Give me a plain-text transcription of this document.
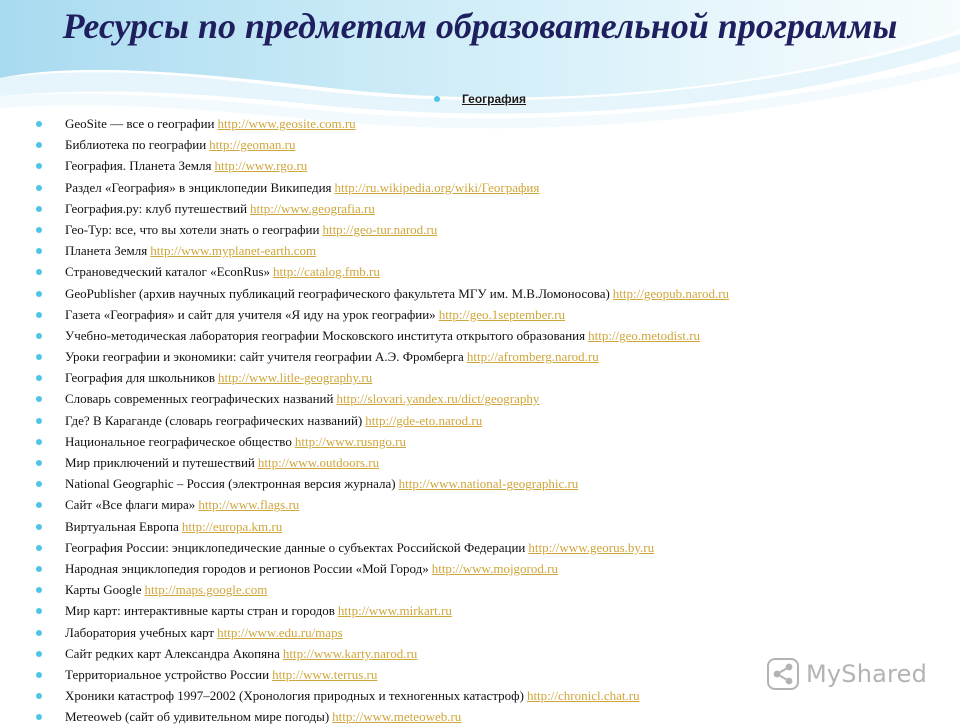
Ресурсы по предметам образовательной программы
География
GeoSite — все о географии http://www.geosite.com.ru
Библиотека по географии http://geoman.ru
География. Планета Земля http://www.rgo.ru
Раздел «География» в энциклопедии Википедия http://ru.wikipedia.org/wiki/География
География.ру: клуб путешествий http://www.geografia.ru
Гео-Тур: все, что вы хотели знать о географии http://geo-tur.narod.ru
Планета Земля http://www.myplanet-earth.com
Страноведческий каталог «EconRus» http://catalog.fmb.ru
GeoPublisher (архив научных публикаций географического факультета МГУ им. М.В.Ломоносова) http://geopub.narod.ru
Газета «География» и сайт для учителя «Я иду на урок географии» http://geo.1september.ru
Учебно-методическая лаборатория географии Московского института открытого образования http://geo.metodist.ru
Уроки географии и экономики: сайт учителя географии А.Э. Фромберга http://afromberg.narod.ru
География для школьников http://www.litle-geography.ru
Словарь современных географических названий http://slovari.yandex.ru/dict/geography
Где? В Караганде (словарь географических названий) http://gde-eto.narod.ru
Национальное географическое общество http://www.rusngo.ru
Мир приключений и путешествий http://www.outdoors.ru
National Geographic – Россия (электронная версия журнала) http://www.national-geographic.ru
Сайт «Все флаги мира» http://www.flags.ru
Виртуальная Европа http://europa.km.ru
География России: энциклопедические данные о субъектах Российской Федерации http://www.georus.by.ru
Народная энциклопедия городов и регионов России «Мой Город» http://www.mojgorod.ru
Карты Google http://maps.google.com
Мир карт: интерактивные карты стран и городов http://www.mirkart.ru
Лаборатория учебных карт http://www.edu.ru/maps
Сайт редких карт Александра Акопяна http://www.karty.narod.ru
Территориальное устройство России http://www.terrus.ru
Хроники катастроф 1997–2002 (Хронология природных и техногенных катастроф) http://chronicl.chat.ru
Метеоweb (сайт об удивительном мире погоды) http://www.meteoweb.ru
MyShared
